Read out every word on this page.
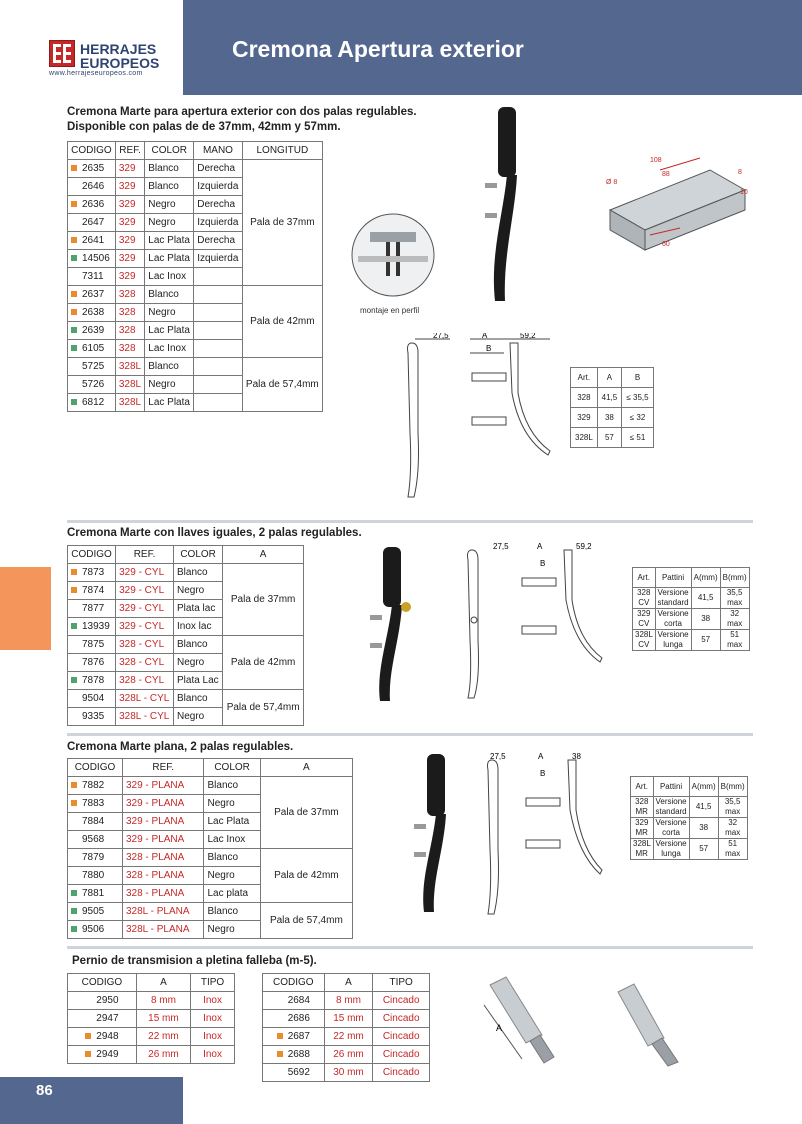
Cremona Apertura exterior
HERRAJES
EUROPEOS
www.herrajeseuropeos.com
Cremona Marte para apertura exterior con dos palas regulables.
Disponible con palas de de 37mm, 42mm y 57mm.
CODIGO	REF.	COLOR	MANO	LONGITUD
2635	329	Blanco	Derecha	Pala de 37mm
2646	329	Blanco	Izquierda	
2636	329	Negro	Derecha	
2647	329	Negro	Izquierda	
2641	329	Lac Plata	Derecha	
14506	329	Lac Plata	Izquierda	
7311	329	Lac Inox		
2637	328	Blanco		Pala de 42mm
2638	328	Negro		
2639	328	Lac Plata		
6105	328	Lac Inox		
5725	328L	Blanco		Pala de 57,4mm
5726	328L	Negro		
6812	328L	Lac Plata		
108
88
Ø 8
8
10
60
montaje en perfil
27,5	A	59,2
B
Art.	A	B
328	41,5	≤ 35,5
329	38	≤ 32
328L	57	≤ 51
Cremona Marte con llaves iguales, 2 palas regulables.
CODIGO	REF.	COLOR	A
7873	329 - CYL	Blanco	Pala de 37mm
7874	329 - CYL	Negro	
7877	329 - CYL	Plata lac	
13939	329 - CYL	Inox lac	
7875	328 - CYL	Blanco	Pala de 42mm
7876	328 - CYL	Negro	
7878	328 - CYL	Plata Lac	
9504	328L - CYL	Blanco	Pala de 57,4mm
9335	328L - CYL	Negro	
27,5	A	59,2
B
Art.	Pattini	A(mm)	B(mm)
328 CV	Versione standard	41,5	35,5 max
329 CV	Versione corta	38	32 max
328L CV	Versione lunga	57	51 max
Cremona Marte plana, 2 palas regulables.
CODIGO	REF.	COLOR	A
7882	329 - PLANA	Blanco	Pala de 37mm
7883	329 - PLANA	Negro	
7884	329 - PLANA	Lac Plata	
9568	329 - PLANA	Lac Inox	
7879	328 - PLANA	Blanco	Pala de 42mm
7880	328 - PLANA	Negro	
7881	328 - PLANA	Lac plata	
9505	328L - PLANA	Blanco	Pala de 57,4mm
9506	328L - PLANA	Negro	
27,5	A	38
B
Art.	Pattini	A(mm)	B(mm)
328 MR	Versione standard	41,5	35,5 max
329 MR	Versione corta	38	32 max
328L MR	Versione lunga	57	51 max
Pernio de transmision a pletina falleba (m-5).
CODIGO	A	TIPO
2950	8 mm	Inox
2947	15 mm	Inox
2948	22 mm	Inox
2949	26 mm	Inox
CODIGO	A	TIPO
2684	8 mm	Cincado
2686	15 mm	Cincado
2687	22 mm	Cincado
2688	26 mm	Cincado
5692	30 mm	Cincado
A
86
